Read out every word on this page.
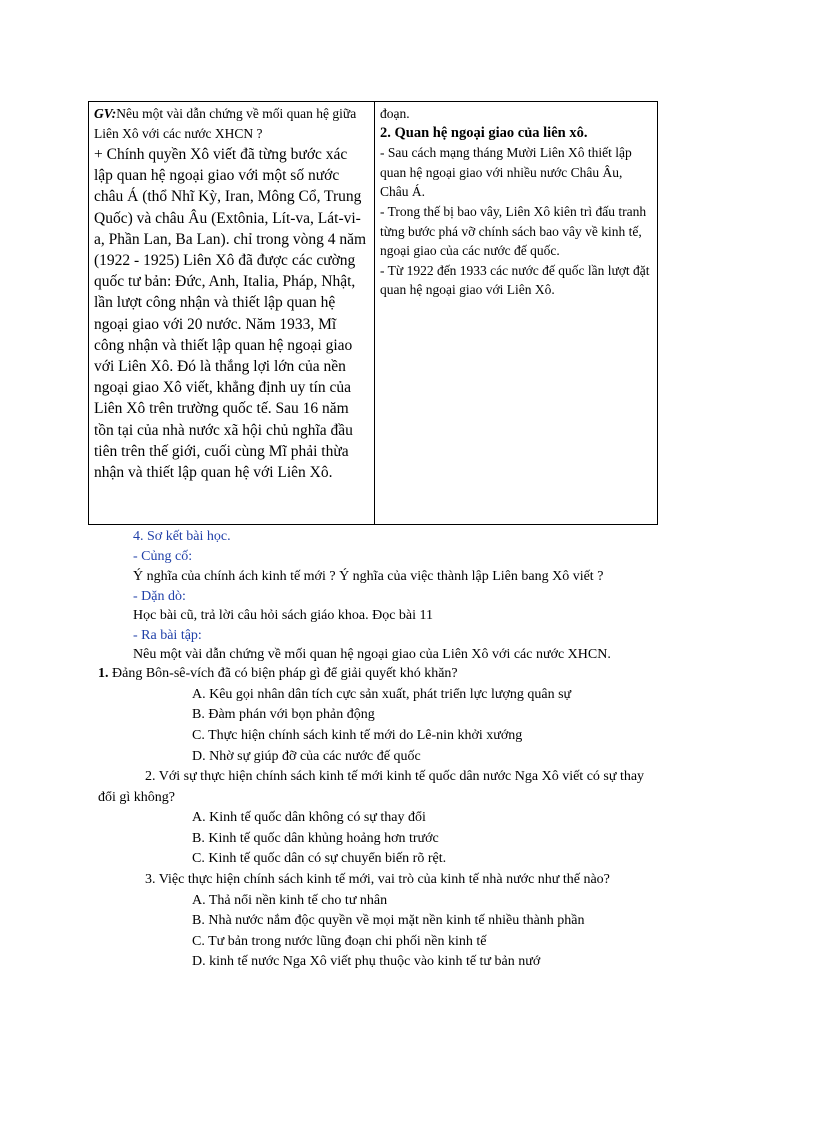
GV:Nêu một vài dẫn chứng về mối quan hệ giữa Liên Xô với các nước XHCN ?
+ Chính quyền Xô viết đã từng bước xác lập quan hệ ngoại giao với một số nước châu Á (thổ Nhĩ Kỳ, Iran, Mông Cổ, Trung Quốc) và châu Âu (Extônia, Lít-va, Lát-vi-a, Phần Lan, Ba Lan). chỉ trong vòng 4 năm (1922 - 1925) Liên Xô đã được các cường quốc tư bản: Đức, Anh, Italia, Pháp, Nhật, lần lượt công nhận và thiết lập quan hệ ngoại giao với 20 nước. Năm 1933, Mĩ công nhận và thiết lập quan hệ ngoại giao với Liên Xô. Đó là thắng lợi lớn của nền ngoại giao Xô viết, khẳng định uy tín của Liên Xô trên trường quốc tế. Sau 16 năm tồn tại của nhà nước xã hội chủ nghĩa đầu tiên trên thế giới, cuối cùng Mĩ phải thừa nhận và thiết lập quan hệ với Liên Xô.

đoạn.
2. Quan hệ ngoại giao của liên xô.
- Sau cách mạng tháng Mười Liên Xô thiết lập quan hệ ngoại giao với nhiều nước Châu Âu, Châu Á.
- Trong thế bị bao vây, Liên Xô kiên trì đấu tranh từng bước phá vỡ chính sách bao vây về kinh tế, ngoại giao của các nước đế quốc.
- Từ 1922 đến 1933 các nước đế quốc lần lượt đặt quan hệ ngoại giao với Liên Xô.
4. Sơ kết bài học.
- Củng cố:
Ý nghĩa của chính ách kinh tế mới ? Ý nghĩa của việc thành lập Liên bang Xô viết ?
- Dặn dò:
Học bài cũ, trả lời câu hỏi sách giáo khoa. Đọc bài 11
- Ra bài tập:
Nêu một vài dẫn chứng về mối quan hệ ngoại giao của Liên Xô với các nước XHCN.
1. Đảng Bôn-sê-vích đã có biện pháp gì để giải quyết khó khăn?
A. Kêu gọi nhân dân tích cực sản xuất, phát triển lực lượng quân sự
B. Đàm phán với bọn phản động
C. Thực hiện chính sách kinh tế mới do Lê-nin khởi xướng
D. Nhờ sự giúp đỡ của các nước đế quốc
2. Với sự thực hiện chính sách kinh tế mới kinh tế quốc dân nước Nga Xô viết có sự thay
đổi gì không?
A. Kinh tế quốc dân không có sự thay đổi
B. Kinh tế quốc dân khủng hoảng hơn trước
C. Kinh tế quốc dân có sự chuyển biến rõ rệt.
3. Việc thực hiện chính sách kinh tế mới, vai trò của kinh tế nhà nước như thế nào?
A. Thả nổi nền kinh tế cho tư nhân
B. Nhà nước nắm độc quyền về mọi mặt nền kinh tế nhiều thành phần
C. Tư bản trong nước lũng đoạn chi phối nền kinh tế
D. kinh tế nước Nga Xô viết phụ thuộc vào kinh tế tư bản nướ
